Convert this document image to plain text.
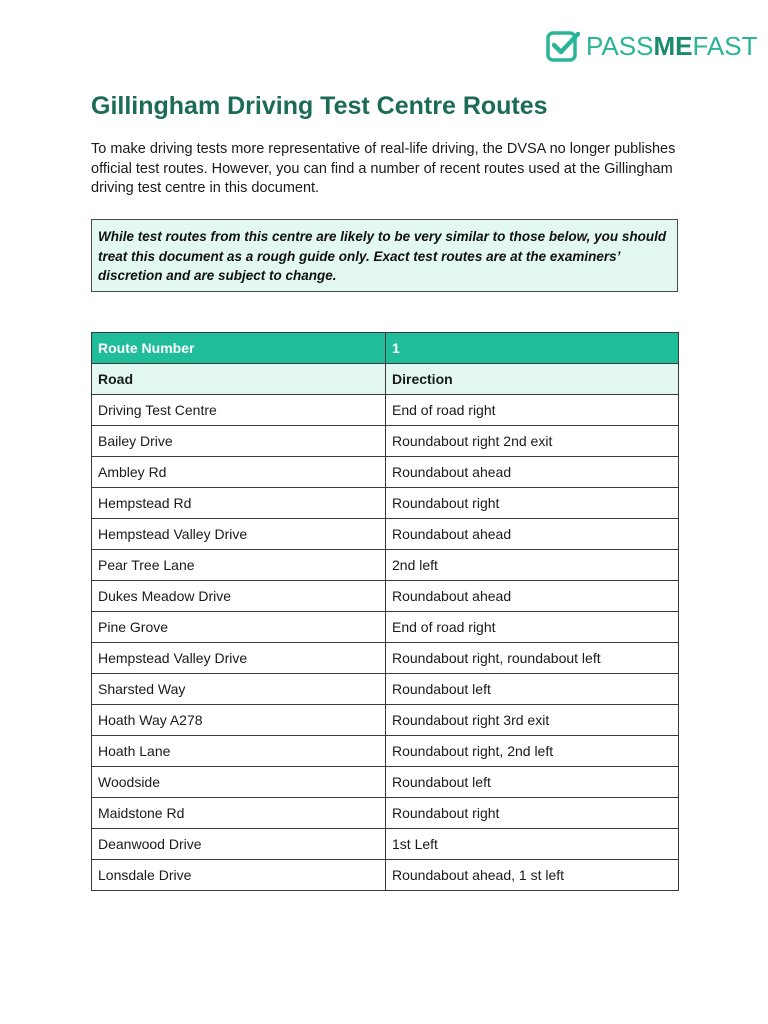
PASSMEFAST
Gillingham Driving Test Centre Routes

To make driving tests more representative of real-life driving, the DVSA no longer publishes official test routes. However, you can find a number of recent routes used at the Gillingham driving test centre in this document.

While test routes from this centre are likely to be very similar to those below, you should treat this document as a rough guide only. Exact test routes are at the examiners’ discretion and are subject to change.
Route Number	1
Road	Direction
Driving Test Centre	End of road right
Bailey Drive	Roundabout right 2nd exit
Ambley Rd	Roundabout ahead
Hempstead Rd	Roundabout right
Hempstead Valley Drive	Roundabout ahead
Pear Tree Lane	2nd left
Dukes Meadow Drive	Roundabout ahead
Pine Grove	End of road right
Hempstead Valley Drive	Roundabout right, roundabout left
Sharsted Way	Roundabout left
Hoath Way A278	Roundabout right 3rd exit
Hoath Lane	Roundabout right, 2nd left
Woodside	Roundabout left
Maidstone Rd	Roundabout right
Deanwood Drive	1st Left
Lonsdale Drive	Roundabout ahead, 1 st left
